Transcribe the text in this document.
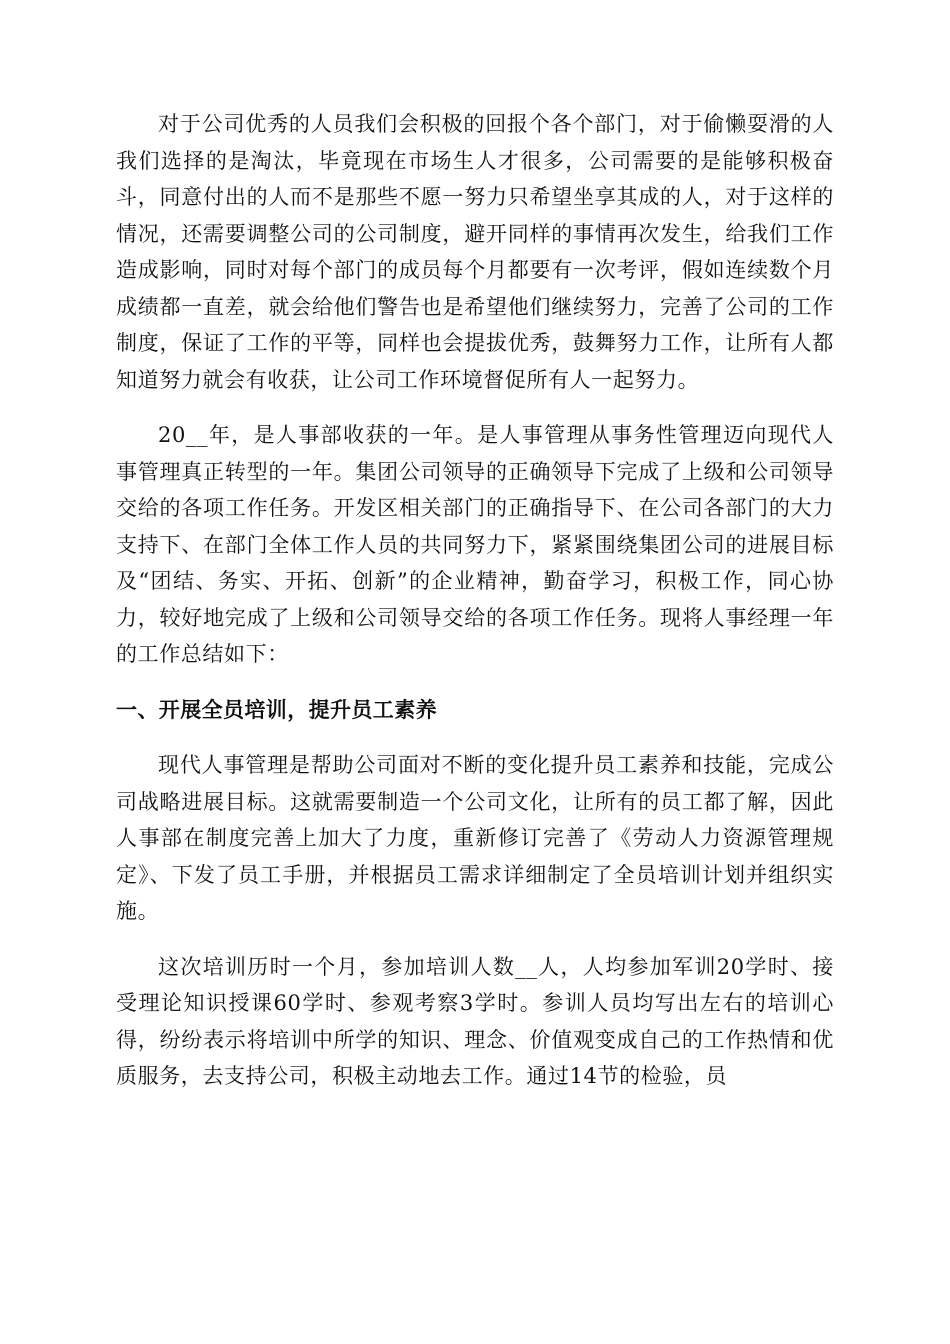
对于公司优秀的人员我们会积极的回报个各个部门，对于偷懒耍滑的人我们选择的是淘汰，毕竟现在市场生人才很多，公司需要的是能够积极奋斗，同意付出的人而不是那些不愿一努力只希望坐享其成的人，对于这样的情况，还需要调整公司的公司制度，避开同样的事情再次发生，给我们工作造成影响，同时对每个部门的成员每个月都要有一次考评，假如连续数个月成绩都一直差，就会给他们警告也是希望他们继续努力，完善了公司的工作制度，保证了工作的平等，同样也会提拔优秀，鼓舞努力工作，让所有人都知道努力就会有收获，让公司工作环境督促所有人一起努力。

20__年，是人事部收获的一年。是人事管理从事务性管理迈向现代人事管理真正转型的一年。集团公司领导的正确领导下完成了上级和公司领导交给的各项工作任务。开发区相关部门的正确指导下、在公司各部门的大力支持下、在部门全体工作人员的共同努力下，紧紧围绕集团公司的进展目标及“团结、务实、开拓、创新”的企业精神，勤奋学习，积极工作，同心协力，较好地完成了上级和公司领导交给的各项工作任务。现将人事经理一年的工作总结如下：

一、开展全员培训，提升员工素养

现代人事管理是帮助公司面对不断的变化提升员工素养和技能，完成公司战略进展目标。这就需要制造一个公司文化，让所有的员工都了解，因此人事部在制度完善上加大了力度，重新修订完善了《劳动人力资源管理规定》、下发了员工手册，并根据员工需求详细制定了全员培训计划并组织实施。

这次培训历时一个月，参加培训人数__人，人均参加军训20学时、接受理论知识授课60学时、参观考察3学时。参训人员均写出左右的培训心得，纷纷表示将培训中所学的知识、理念、价值观变成自己的工作热情和优质服务，去支持公司，积极主动地去工作。通过14节的检验，员
